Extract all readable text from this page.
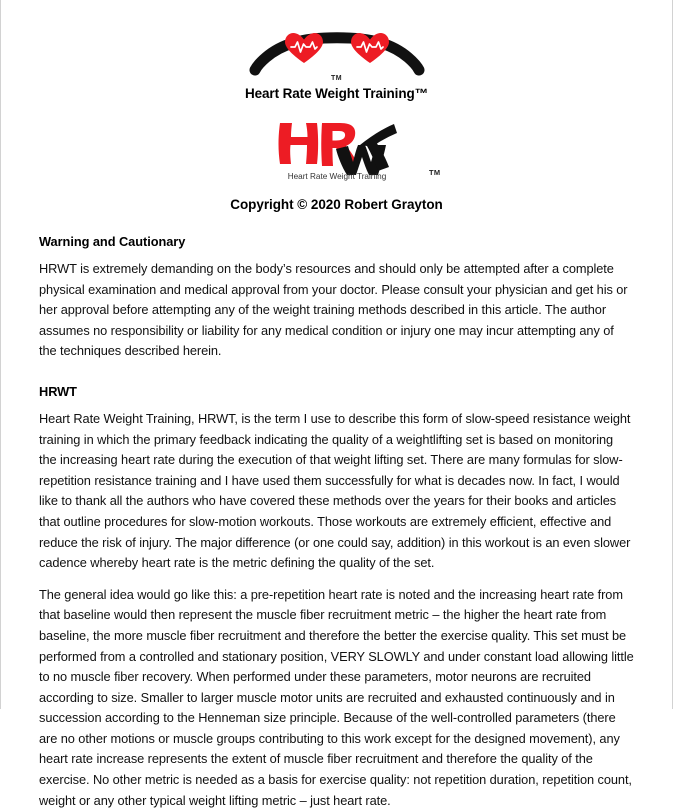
TM
Heart Rate Weight Training™
Heart Rate Weight Training	TM
Copyright © 2020 Robert Grayton
Warning and Cautionary

HRWT is extremely demanding on the body’s resources and should only be attempted after a complete physical examination and medical approval from your doctor. Please consult your physician and get his or her approval before attempting any of the weight training methods described in this article. The author assumes no responsibility or liability for any medical condition or injury one may incur attempting any of the techniques described herein.

HRWT

Heart Rate Weight Training, HRWT, is the term I use to describe this form of slow-speed resistance weight training in which the primary feedback indicating the quality of a weightlifting set is based on monitoring the increasing heart rate during the execution of that weight lifting set. There are many formulas for slow-repetition resistance training and I have used them successfully for what is decades now. In fact, I would like to thank all the authors who have covered these methods over the years for their books and articles that outline procedures for slow-motion workouts. Those workouts are extremely efficient, effective and reduce the risk of injury. The major difference (or one could say, addition) in this workout is an even slower cadence whereby heart rate is the metric defining the quality of the set.

The general idea would go like this: a pre-repetition heart rate is noted and the increasing heart rate from that baseline would then represent the muscle fiber recruitment metric – the higher the heart rate from baseline, the more muscle fiber recruitment and therefore the better the exercise quality. This set must be performed from a controlled and stationary position, VERY SLOWLY and under constant load allowing little to no muscle fiber recovery. When performed under these parameters, motor neurons are recruited according to size. Smaller to larger muscle motor units are recruited and exhausted continuously and in succession according to the Henneman size principle. Because of the well-controlled parameters (there are no other motions or muscle groups contributing to this work except for the designed movement), any heart rate increase represents the extent of muscle fiber recruitment and therefore the quality of the exercise. No other metric is needed as a basis for exercise quality: not repetition duration, repetition count, weight or any other typical weight lifting metric – just heart rate.
